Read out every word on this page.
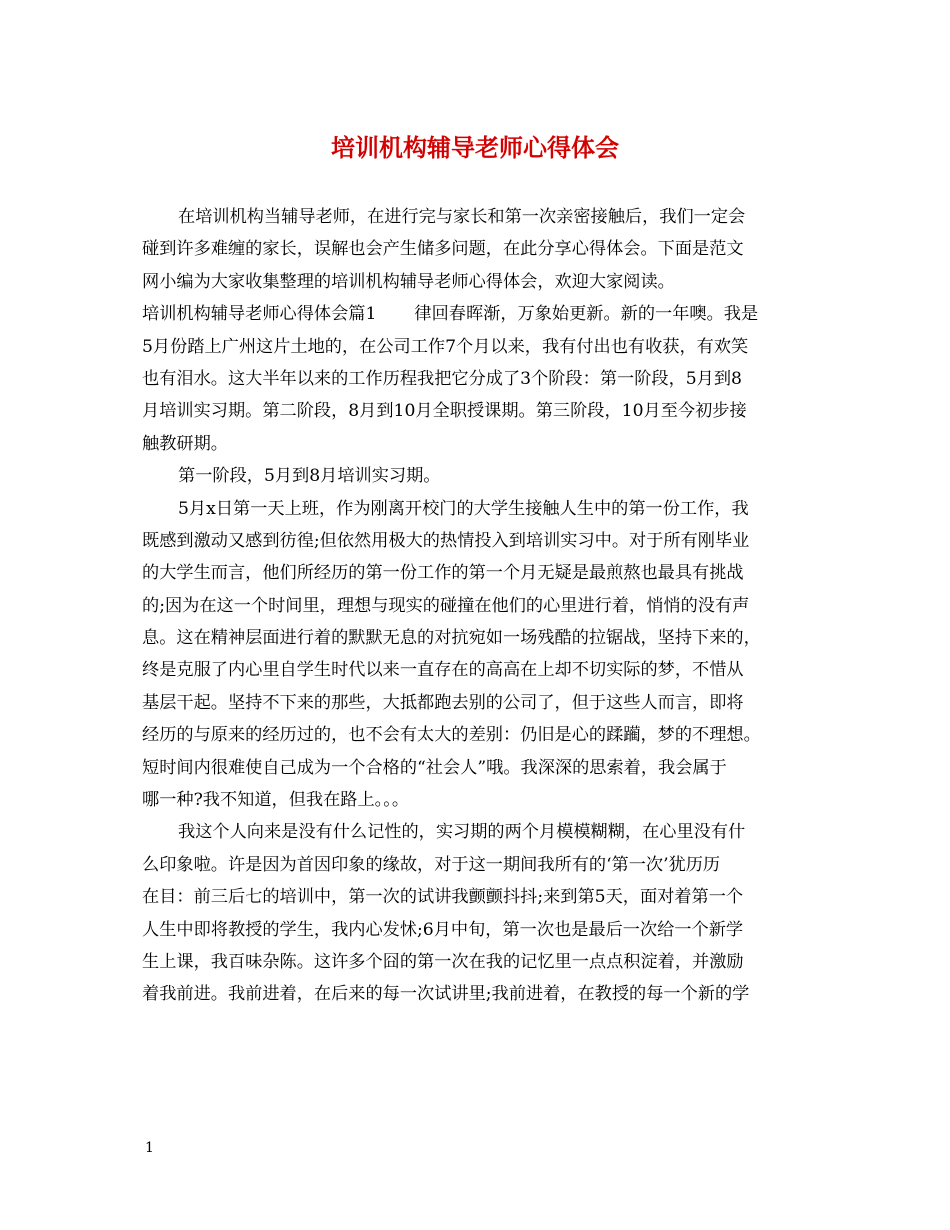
培训机构辅导老师心得体会
在培训机构当辅导老师，在进行完与家长和第一次亲密接触后，我们一定会
碰到许多难缠的家长，误解也会产生储多问题，在此分享心得体会。下面是范文
网小编为大家收集整理的培训机构辅导老师心得体会，欢迎大家阅读。
培训机构辅导老师心得体会篇1 律回春晖渐，万象始更新。新的一年噢。我是
5月份踏上广州这片土地的，在公司工作7个月以来，我有付出也有收获，有欢笑
也有泪水。这大半年以来的工作历程我把它分成了3个阶段：第一阶段，5月到8
月培训实习期。第二阶段，8月到10月全职授课期。第三阶段，10月至今初步接
触教研期。
第一阶段，5月到8月培训实习期。
5月x日第一天上班，作为刚离开校门的大学生接触人生中的第一份工作，我
既感到激动又感到彷徨;但依然用极大的热情投入到培训实习中。对于所有刚毕业
的大学生而言，他们所经历的第一份工作的第一个月无疑是最煎熬也最具有挑战
的;因为在这一个时间里，理想与现实的碰撞在他们的心里进行着，悄悄的没有声
息。这在精神层面进行着的默默无息的对抗宛如一场残酷的拉锯战，坚持下来的，
终是克服了内心里自学生时代以来一直存在的高高在上却不切实际的梦，不惜从
基层干起。坚持不下来的那些，大抵都跑去别的公司了，但于这些人而言，即将
经历的与原来的经历过的，也不会有太大的差别：仍旧是心的蹂躏，梦的不理想。
短时间内很难使自己成为一个合格的“社会人”哦。我深深的思索着，我会属于
哪一种?我不知道，但我在路上。。。
我这个人向来是没有什么记性的，实习期的两个月模模糊糊，在心里没有什
么印象啦。许是因为首因印象的缘故，对于这一期间我所有的‘第一次’犹历历
在目：前三后七的培训中，第一次的试讲我颤颤抖抖;来到第5天，面对着第一个
人生中即将教授的学生，我内心发怵;6月中旬，第一次也是最后一次给一个新学
生上课，我百味杂陈。这许多个囧的第一次在我的记忆里一点点积淀着，并激励
着我前进。我前进着，在后来的每一次试讲里;我前进着，在教授的每一个新的学
1
